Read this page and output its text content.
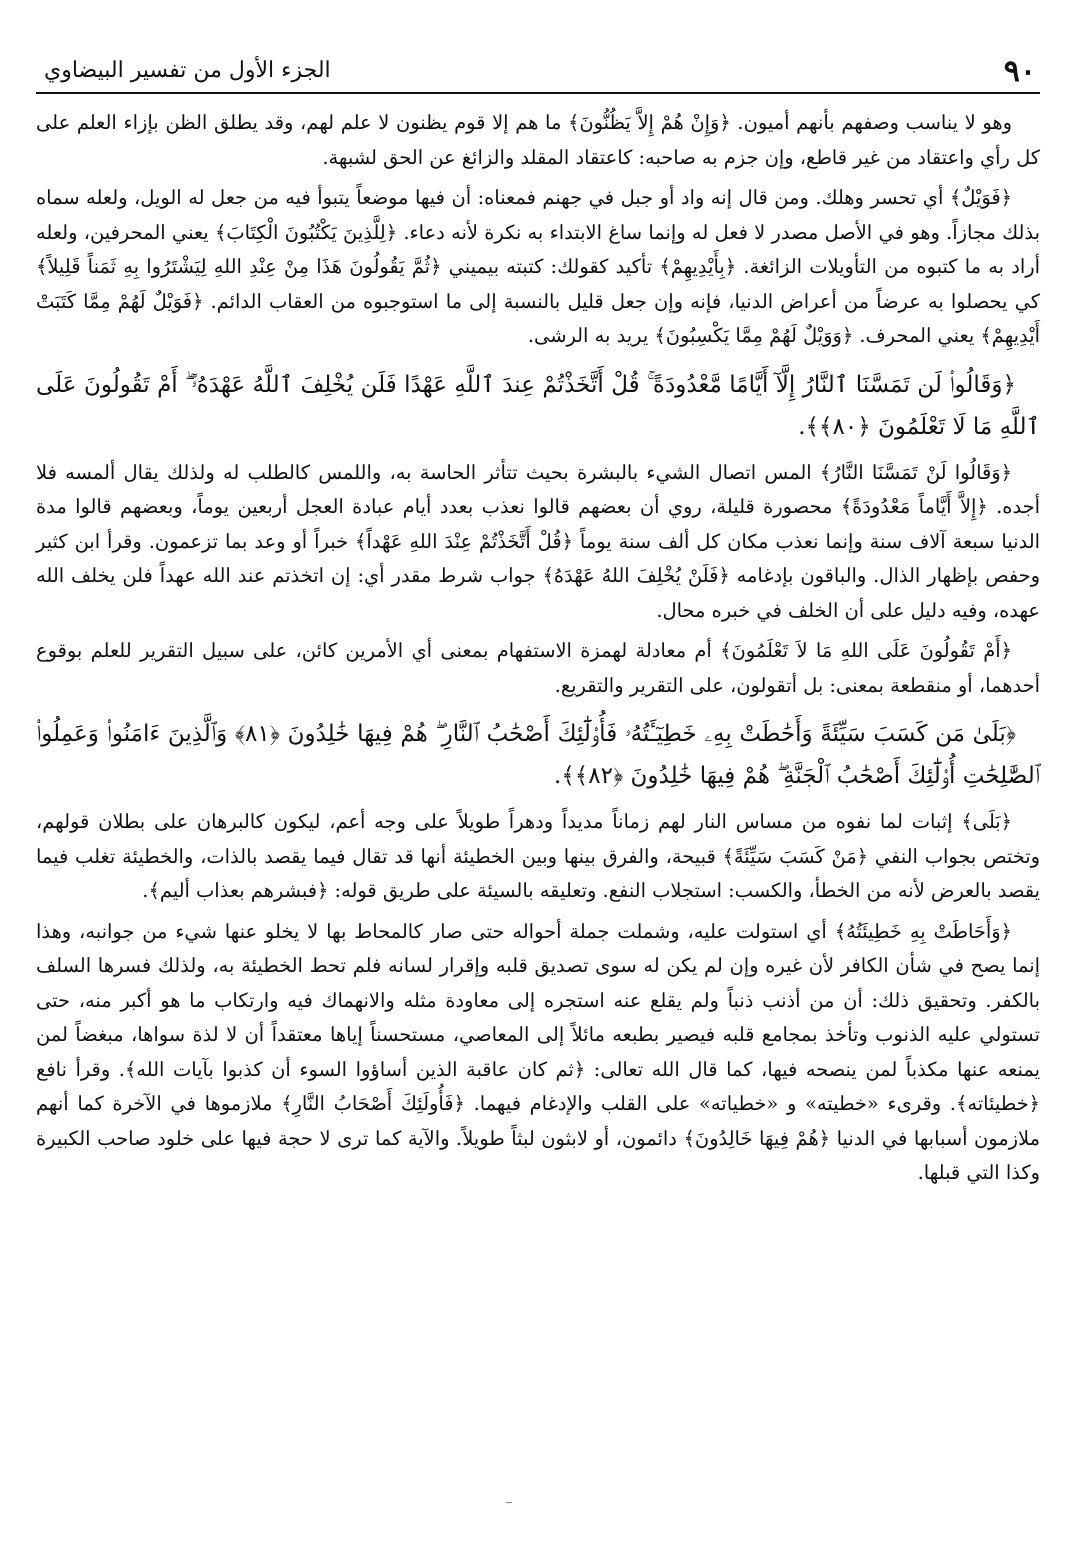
٩٠
الجزء الأول من تفسير البيضاوي

وهو لا يناسب وصفهم بأنهم أميون. ﴿وَإِنْ هُمْ إِلاَّ يَظُنُّونَ﴾ ما هم إلا قوم يظنون لا علم لهم، وقد يطلق الظن بإزاء العلم على كل رأي واعتقاد من غير قاطع، وإن جزم به صاحبه: كاعتقاد المقلد والزائغ عن الحق لشبهة.

﴿فَوَيْلٌ﴾ أي تحسر وهلك. ومن قال إنه واد أو جبل في جهنم فمعناه: أن فيها موضعاً يتبوأ فيه من جعل له الويل، ولعله سماه بذلك مجازاً. وهو في الأصل مصدر لا فعل له وإنما ساغ الابتداء به نكرة لأنه دعاء. ﴿لِلَّذِينَ يَكْتُبُونَ الْكِتَابَ﴾ يعني المحرفين، ولعله أراد به ما كتبوه من التأويلات الزائغة. ﴿بِأَيْدِيهِمْ﴾ تأكيد كقولك: كتبته بيميني ﴿ثُمَّ يَقُولُونَ هَذَا مِنْ عِنْدِ اللهِ لِيَشْتَرُوا بِهِ ثَمَناً قَلِيلاً﴾ كي يحصلوا به عرضاً من أعراض الدنيا، فإنه وإن جعل قليل بالنسبة إلى ما استوجبوه من العقاب الدائم. ﴿فَوَيْلٌ لَهُمْ مِمَّا كَتَبَتْ أَيْدِيهِمْ﴾ يعني المحرف. ﴿وَوَيْلٌ لَهُمْ مِمَّا يَكْسِبُونَ﴾ يريد به الرشى.

﴿وَقَالُوا۟ لَن تَمَسَّنَا ٱلنَّارُ إِلَّآ أَيَّامًا مَّعْدُودَةً ۚ قُلْ أَتَّخَذْتُمْ عِندَ ٱللَّهِ عَهْدًا فَلَن يُخْلِفَ ٱللَّهُ عَهْدَهُۥٓ ۖ أَمْ تَقُولُونَ عَلَى ٱللَّهِ مَا لَا تَعْلَمُونَ ﴿٨٠﴾﴾.

﴿وَقَالُوا لَنْ تَمَسَّنَا النَّارُ﴾ المس اتصال الشيء بالبشرة بحيث تتأثر الحاسة به، واللمس كالطلب له ولذلك يقال ألمسه فلا أجده. ﴿إِلاَّ أَيَّاماً مَعْدُودَةً﴾ محصورة قليلة، روي أن بعضهم قالوا نعذب بعدد أيام عبادة العجل أربعين يوماً، وبعضهم قالوا مدة الدنيا سبعة آلاف سنة وإنما نعذب مكان كل ألف سنة يوماً ﴿قُلْ أَتَّخَذْتُمْ عِنْدَ اللهِ عَهْداً﴾ خبراً أو وعد بما تزعمون. وقرأ ابن كثير وحفص بإظهار الذال. والباقون بإدغامه ﴿فَلَنْ يُخْلِفَ اللهُ عَهْدَهُ﴾ جواب شرط مقدر أي: إن اتخذتم عند الله عهداً فلن يخلف الله عهده، وفيه دليل على أن الخلف في خبره محال.

﴿أَمْ تَقُولُونَ عَلَى اللهِ مَا لاَ تَعْلَمُونَ﴾ أم معادلة لهمزة الاستفهام بمعنى أي الأمرين كائن، على سبيل التقرير للعلم بوقوع أحدهما، أو منقطعة بمعنى: بل أتقولون، على التقرير والتقريع.

﴿بَلَىٰ مَن كَسَبَ سَيِّئَةً وَأَحَٰطَتْ بِهِۦ خَطِيٓـَٔتُهُۥ فَأُو۟لَٰٓئِكَ أَصْحَٰبُ ٱلنَّارِ ۖ هُمْ فِيهَا خَٰلِدُونَ ﴿٨١﴾ وَٱلَّذِينَ ءَامَنُوا۟ وَعَمِلُوا۟ ٱلصَّٰلِحَٰتِ أُو۟لَٰٓئِكَ أَصْحَٰبُ ٱلْجَنَّةِ ۖ هُمْ فِيهَا خَٰلِدُونَ ﴿٨٢﴾﴾.

﴿بَلَى﴾ إثبات لما نفوه من مساس النار لهم زماناً مديداً ودهراً طويلاً على وجه أعم، ليكون كالبرهان على بطلان قولهم، وتختص بجواب النفي ﴿مَنْ كَسَبَ سَيِّئَةً﴾ قبيحة، والفرق بينها وبين الخطيئة أنها قد تقال فيما يقصد بالذات، والخطيئة تغلب فيما يقصد بالعرض لأنه من الخطأ، والكسب: استجلاب النفع. وتعليقه بالسيئة على طريق قوله: ﴿فبشرهم بعذاب أليم﴾.

﴿وَأَحَاطَتْ بِهِ خَطِيئَتُهُ﴾ أي استولت عليه، وشملت جملة أحواله حتى صار كالمحاط بها لا يخلو عنها شيء من جوانبه، وهذا إنما يصح في شأن الكافر لأن غيره وإن لم يكن له سوى تصديق قلبه وإقرار لسانه فلم تحط الخطيئة به، ولذلك فسرها السلف بالكفر. وتحقيق ذلك: أن من أذنب ذنباً ولم يقلع عنه استجره إلى معاودة مثله والانهماك فيه وارتكاب ما هو أكبر منه، حتى تستولي عليه الذنوب وتأخذ بمجامع قلبه فيصير بطبعه مائلاً إلى المعاصي، مستحسناً إياها معتقداً أن لا لذة سواها، مبغضاً لمن يمنعه عنها مكذباً لمن ينصحه فيها، كما قال الله تعالى: ﴿ثم كان عاقبة الذين أساؤوا السوء أن كذبوا بآيات الله﴾. وقرأ نافع ﴿خطيئاته﴾. وقرىء «خطيته» و «خطياته» على القلب والإدغام فيهما. ﴿فَأُولَئِكَ أَصْحَابُ النَّارِ﴾ ملازموها في الآخرة كما أنهم ملازمون أسبابها في الدنيا ﴿هُمْ فِيهَا خَالِدُونَ﴾ دائمون، أو لابثون لبثاً طويلاً. والآية كما ترى لا حجة فيها على خلود صاحب الكبيرة وكذا التي قبلها.
